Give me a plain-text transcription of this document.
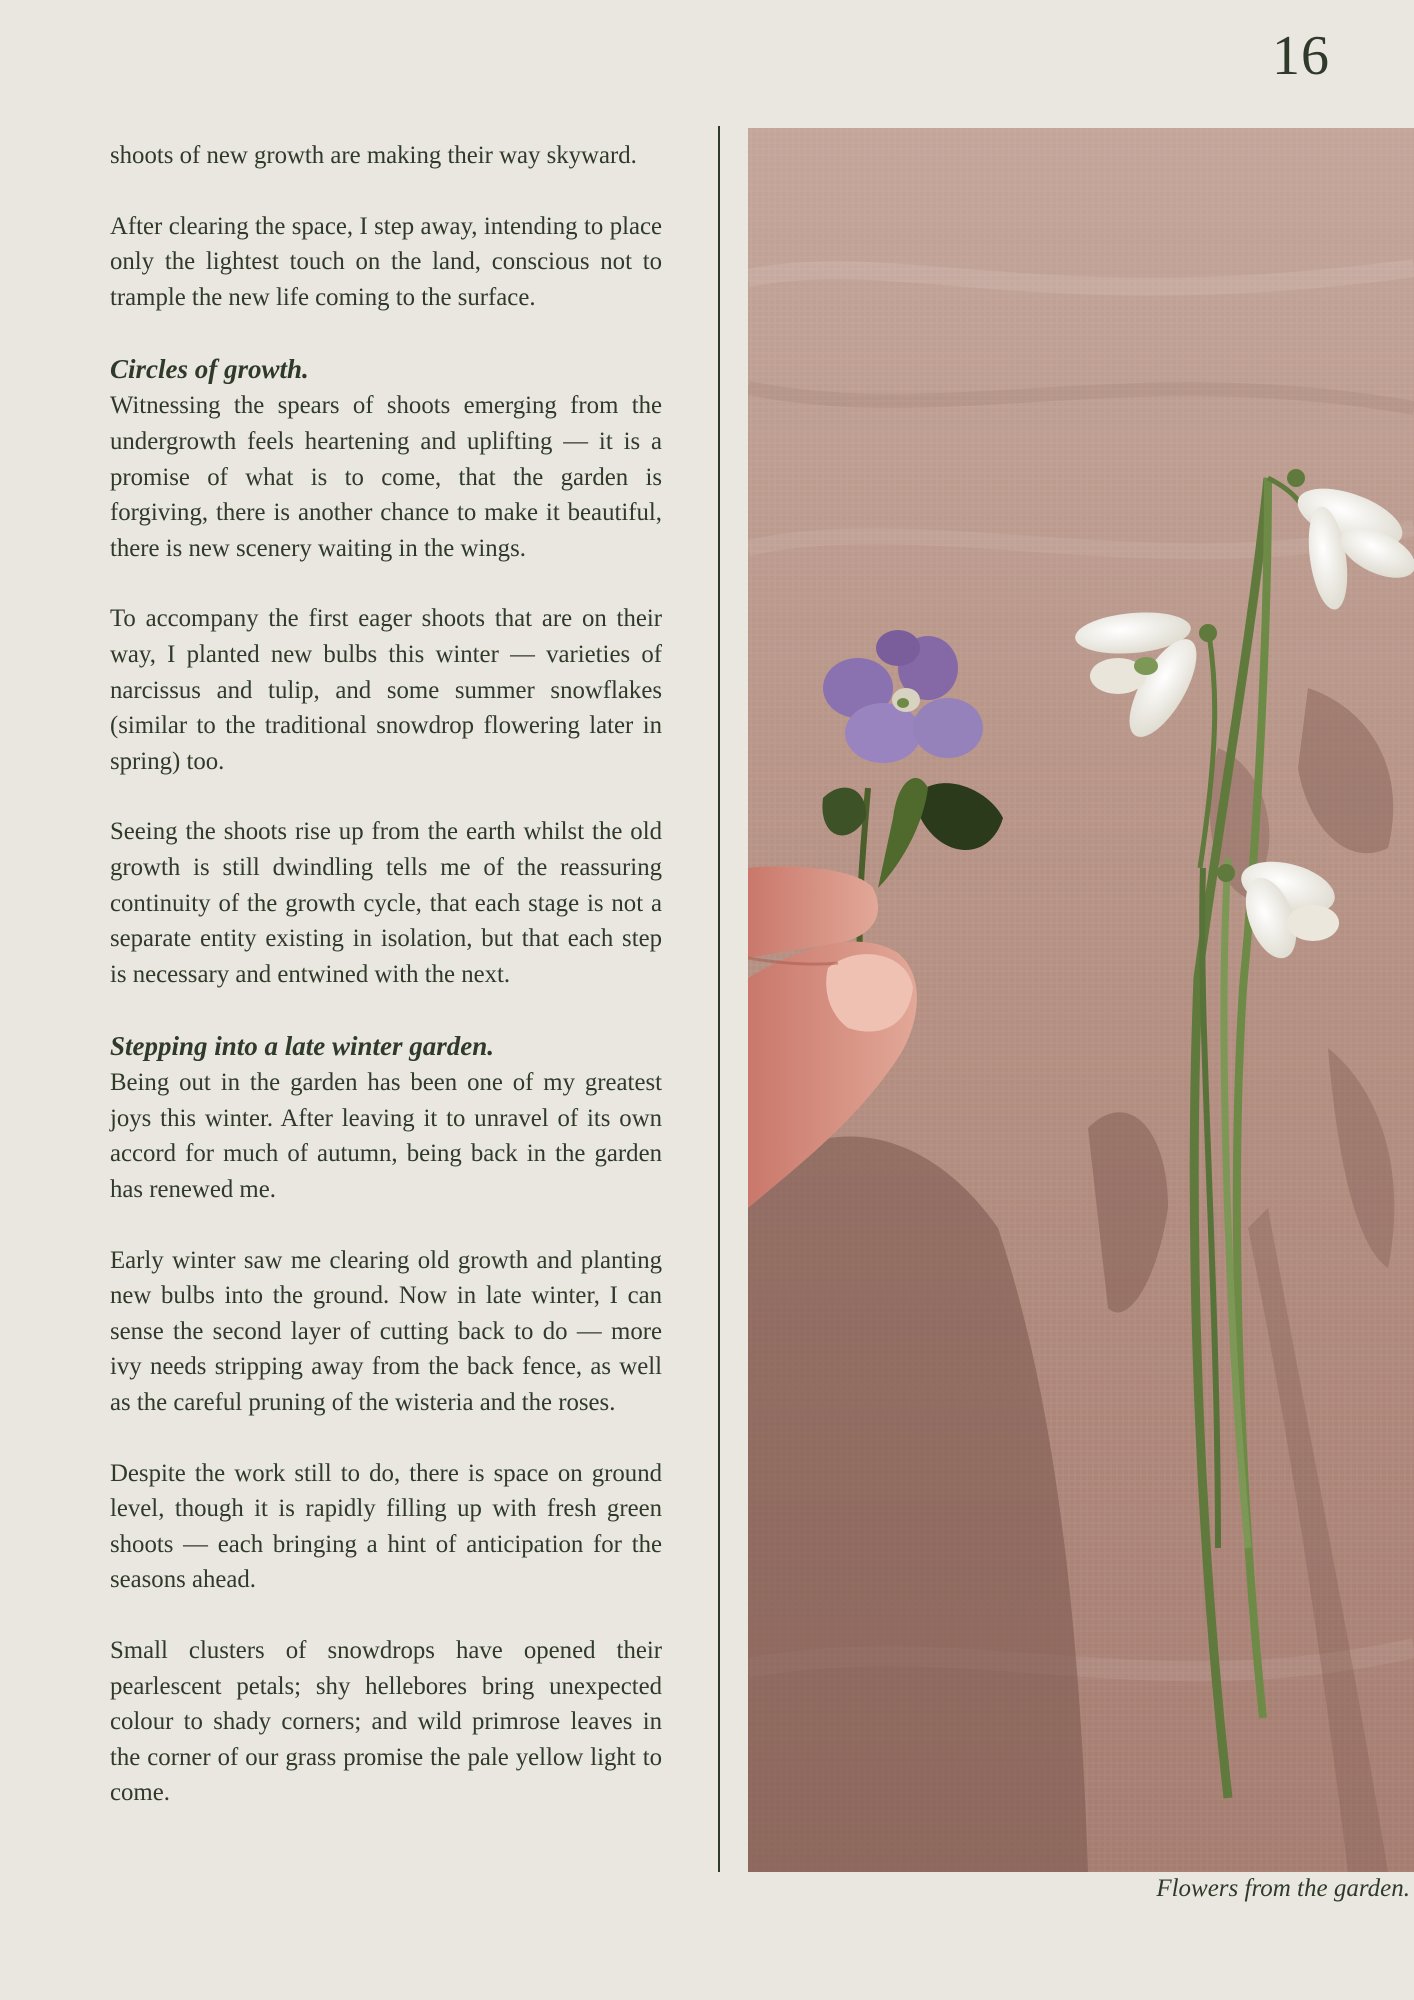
16

shoots of new growth are making their way skyward.

After clearing the space, I step away, intending to place only the lightest touch on the land, conscious not to trample the new life coming to the surface.

Circles of growth.

Witnessing the spears of shoots emerging from the undergrowth feels heartening and uplifting — it is a promise of what is to come, that the garden is forgiving, there is another chance to make it beautiful, there is new scenery waiting in the wings.

To accompany the first eager shoots that are on their way, I planted new bulbs this winter — varieties of narcissus and tulip, and some summer snowflakes (similar to the traditional snowdrop flowering later in spring) too.

Seeing the shoots rise up from the earth whilst the old growth is still dwindling tells me of the reassuring continuity of the growth cycle, that each stage is not a separate entity existing in isolation, but that each step is necessary and entwined with the next.

Stepping into a late winter garden.

Being out in the garden has been one of my greatest joys this winter. After leaving it to unravel of its own accord for much of autumn, being back in the garden has renewed me.

Early winter saw me clearing old growth and planting new bulbs into the ground. Now in late winter, I can sense the second layer of cutting back to do — more ivy needs stripping away from the back fence, as well as the careful pruning of the wisteria and the roses.

Despite the work still to do, there is space on ground level, though it is rapidly filling up with fresh green shoots — each bringing a hint of anticipation for the seasons ahead.

Small clusters of snowdrops have opened their pearlescent petals; shy hellebores bring unexpected colour to shady corners; and wild primrose leaves in the corner of our grass promise the pale yellow light to come.

Flowers from the garden.
